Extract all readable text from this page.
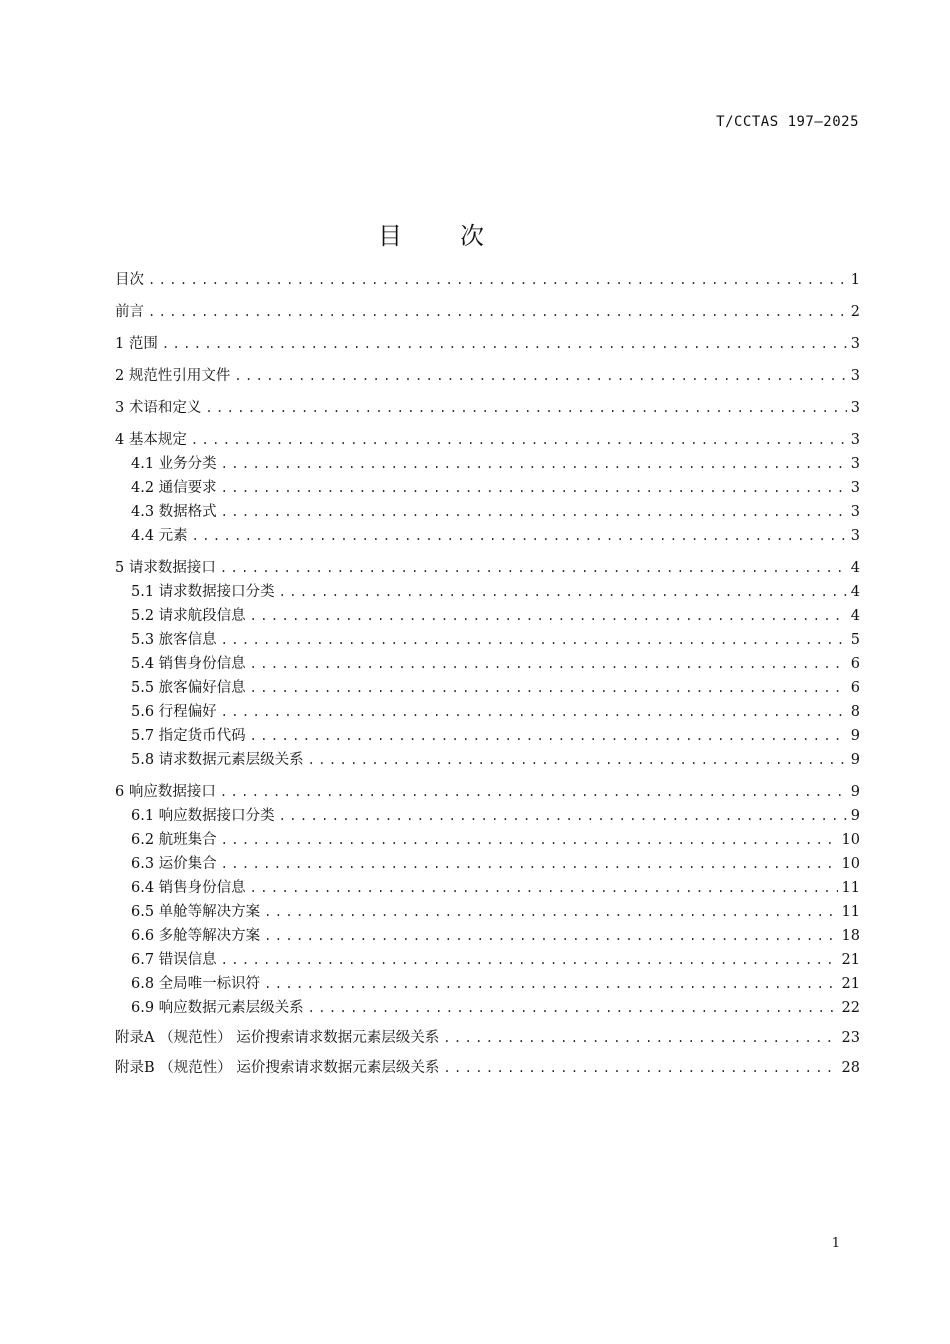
T/CCTAS 197—2025
目次
目次 .....	1
前言 .....	2
1 范围 .....	3
2 规范性引用文件 .....	3
3 术语和定义 .....	3
4 基本规定 .....	3
4.1 业务分类 .....	3
4.2 通信要求 .....	3
4.3 数据格式 .....	3
4.4 元素 .....	3
5 请求数据接口 .....	4
5.1 请求数据接口分类 .....	4
5.2 请求航段信息 .....	4
5.3 旅客信息 .....	5
5.4 销售身份信息 .....	6
5.5 旅客偏好信息 .....	6
5.6 行程偏好 .....	8
5.7 指定货币代码 .....	9
5.8 请求数据元素层级关系 .....	9
6 响应数据接口 .....	9
6.1 响应数据接口分类 .....	9
6.2 航班集合 .....	10
6.3 运价集合 .....	10
6.4 销售身份信息 .....	11
6.5 单舱等解决方案 .....	11
6.6 多舱等解决方案 .....	18
6.7 错误信息 .....	21
6.8 全局唯一标识符 .....	21
6.9 响应数据元素层级关系 .....	22
附录A （规范性） 运价搜索请求数据元素层级关系 .....	23
附录B （规范性） 运价搜索请求数据元素层级关系 .....	28
1
